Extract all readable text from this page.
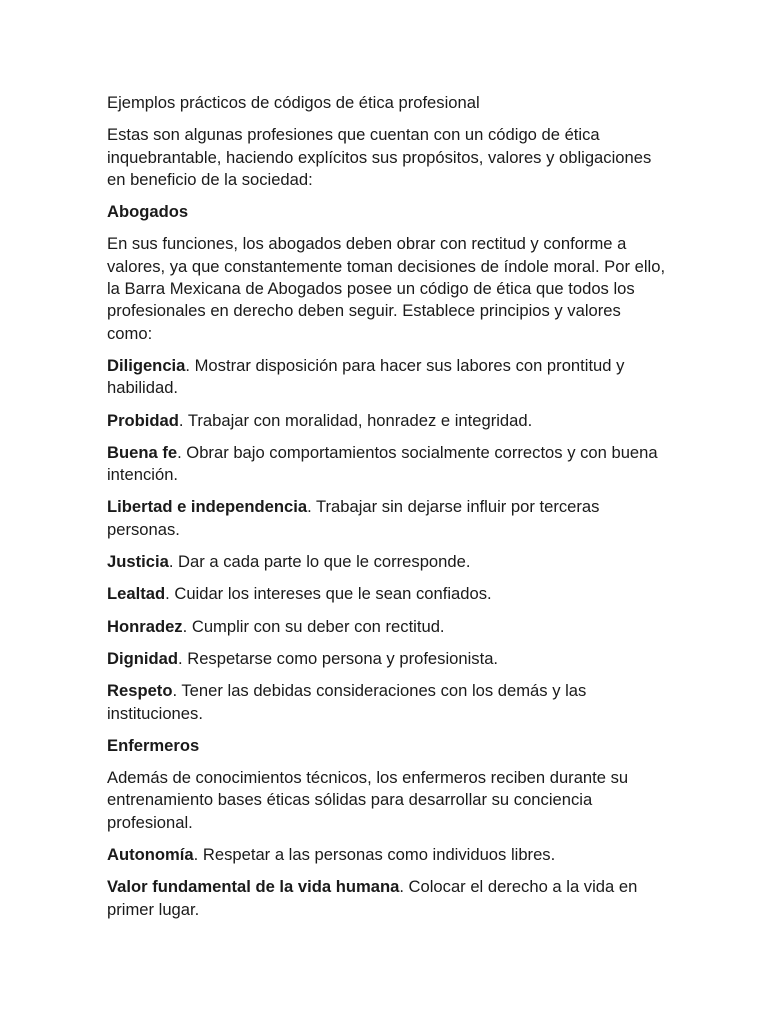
Ejemplos prácticos de códigos de ética profesional

Estas son algunas profesiones que cuentan con un código de ética inquebrantable, haciendo explícitos sus propósitos, valores y obligaciones en beneficio de la sociedad:

Abogados

En sus funciones, los abogados deben obrar con rectitud y conforme a valores, ya que constantemente toman decisiones de índole moral. Por ello, la Barra Mexicana de Abogados posee un código de ética que todos los profesionales en derecho deben seguir. Establece principios y valores como:

Diligencia. Mostrar disposición para hacer sus labores con prontitud y habilidad.

Probidad. Trabajar con moralidad, honradez e integridad.

Buena fe. Obrar bajo comportamientos socialmente correctos y con buena intención.

Libertad e independencia. Trabajar sin dejarse influir por terceras personas.

Justicia. Dar a cada parte lo que le corresponde.

Lealtad. Cuidar los intereses que le sean confiados.

Honradez. Cumplir con su deber con rectitud.

Dignidad. Respetarse como persona y profesionista.

Respeto. Tener las debidas consideraciones con los demás y las instituciones.

Enfermeros

Además de conocimientos técnicos, los enfermeros reciben durante su entrenamiento bases éticas sólidas para desarrollar su conciencia profesional.

Autonomía. Respetar a las personas como individuos libres.

Valor fundamental de la vida humana. Colocar el derecho a la vida en primer lugar.
